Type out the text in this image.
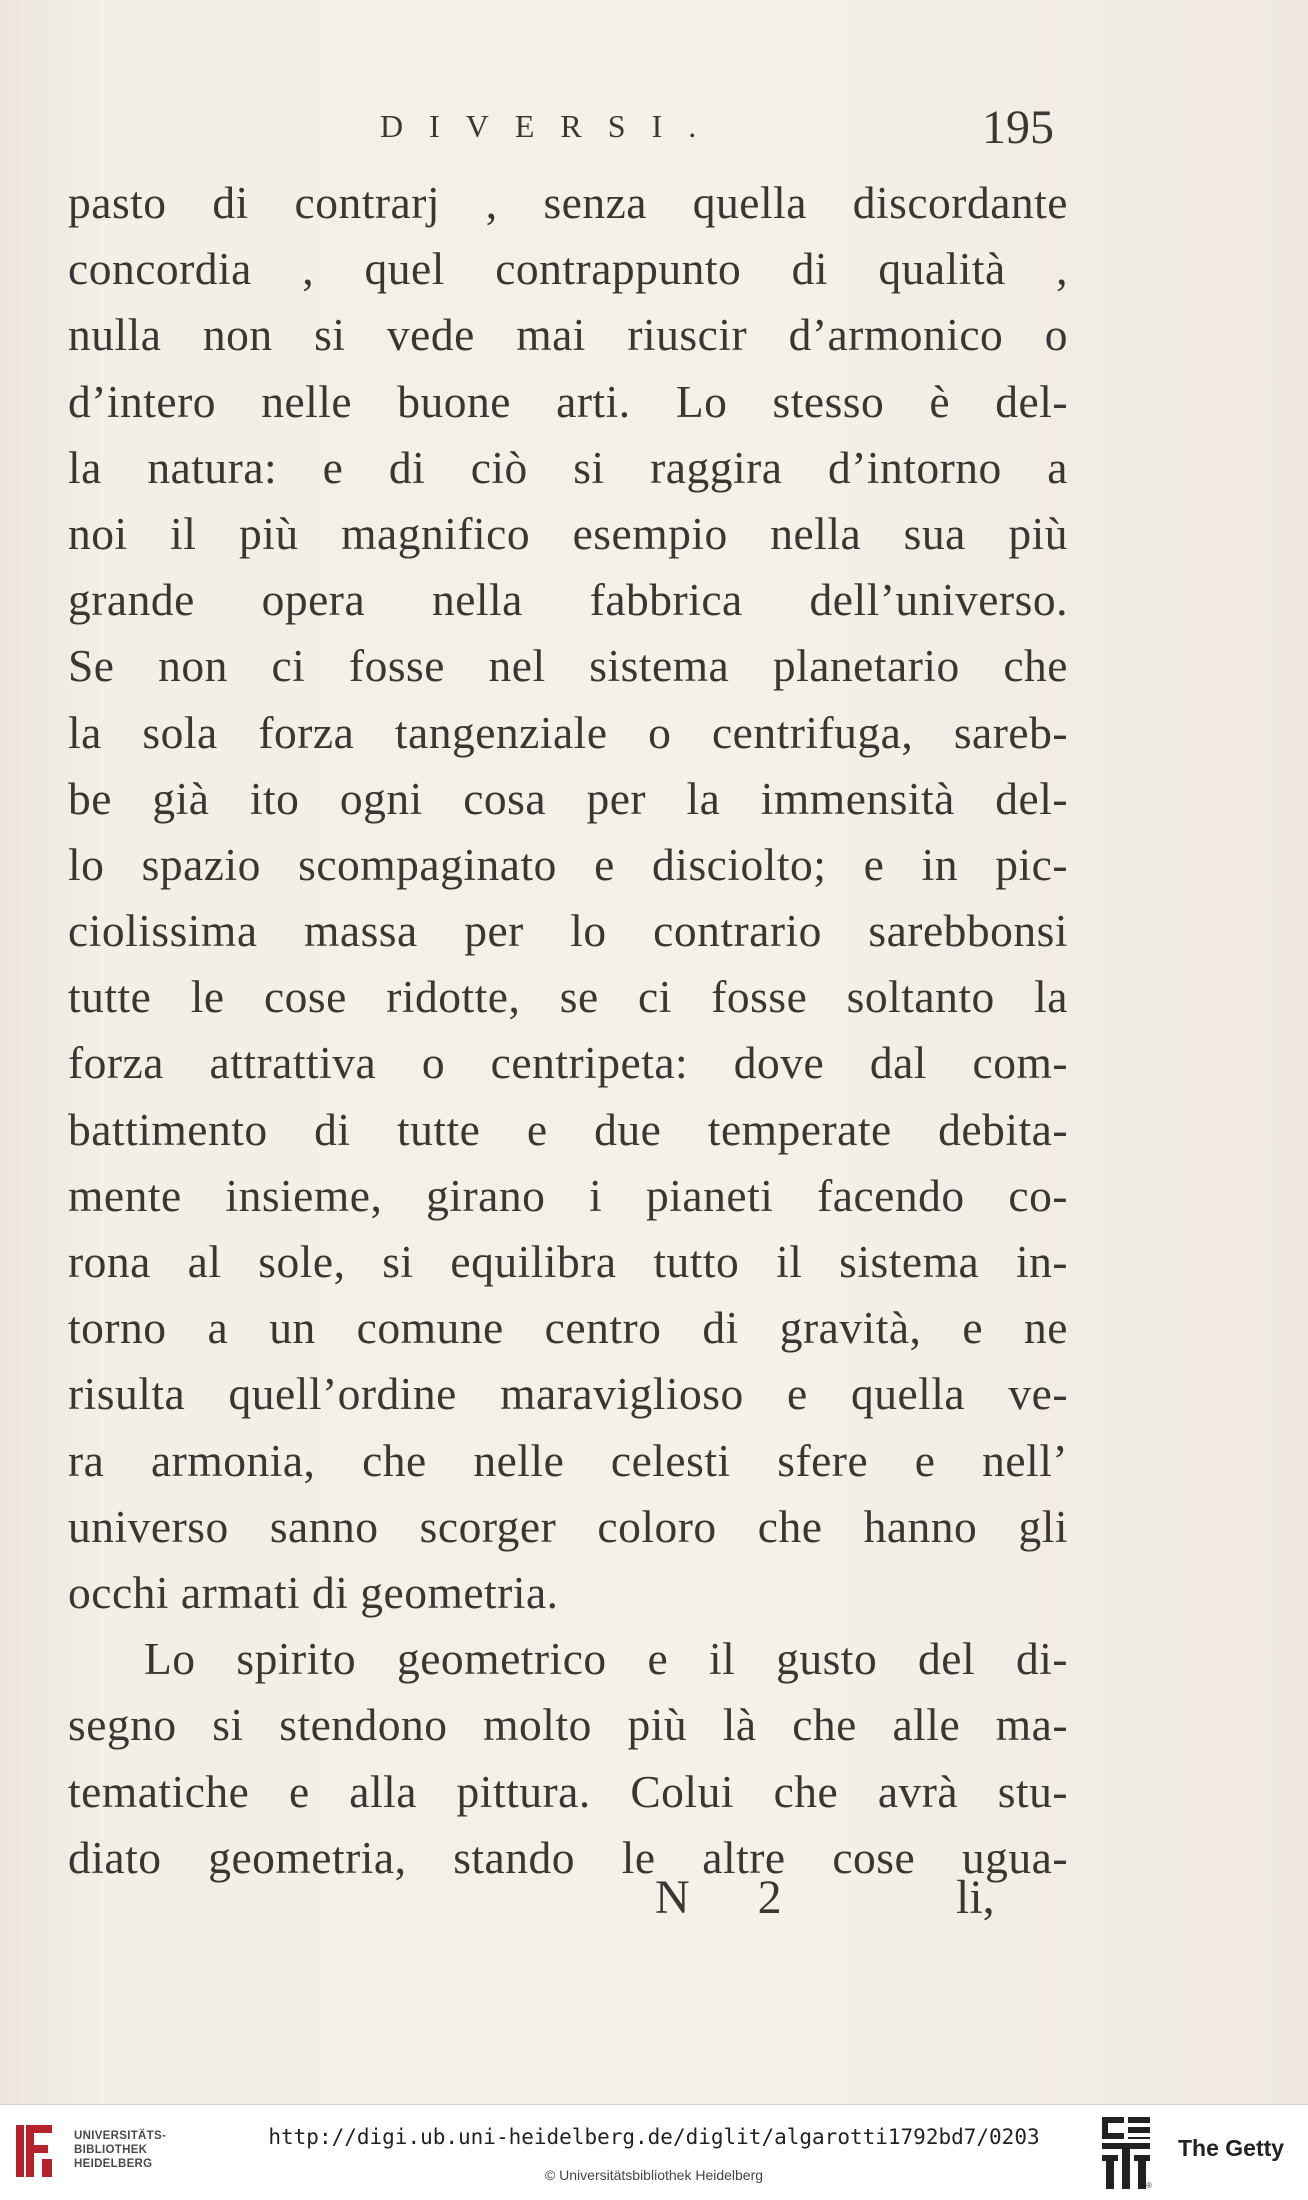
DIVERSI.	195
pasto di contrarj , senza quella discordante
concordia , quel contrappunto di qualità ,
nulla non si vede mai riuscir d’armonico o
d’intero nelle buone arti. Lo stesso è del-
la natura: e di ciò si raggira d’intorno a
noi il più magnifico esempio nella sua più
grande opera nella fabbrica dell’universo.
Se non ci fosse nel sistema planetario che
la sola forza tangenziale o centrifuga, sareb-
be già ito ogni cosa per la immensità del-
lo spazio scompaginato e disciolto; e in pic-
ciolissima massa per lo contrario sarebbonsi
tutte le cose ridotte, se ci fosse soltanto la
forza attrattiva o centripeta: dove dal com-
battimento di tutte e due temperate debita-
mente insieme, girano i pianeti facendo co-
rona al sole, si equilibra tutto il sistema in-
torno a un comune centro di gravità, e ne
risulta quell’ordine maraviglioso e quella ve-
ra armonia, che nelle celesti sfere e nell’
universo sanno scorger coloro che hanno gli
occhi armati di geometria.
Lo spirito geometrico e il gusto del di-
segno si stendono molto più là che alle ma-
tematiche e alla pittura. Colui che avrà stu-
diato geometria, stando le altre cose ugua-
N 2	li,
UNIVERSITÄTS-
BIBLIOTHEK
HEIDELBERG
http://digi.ub.uni-heidelberg.de/diglit/algarotti1792bd7/0203
© Universitätsbibliothek Heidelberg
®
The Getty
